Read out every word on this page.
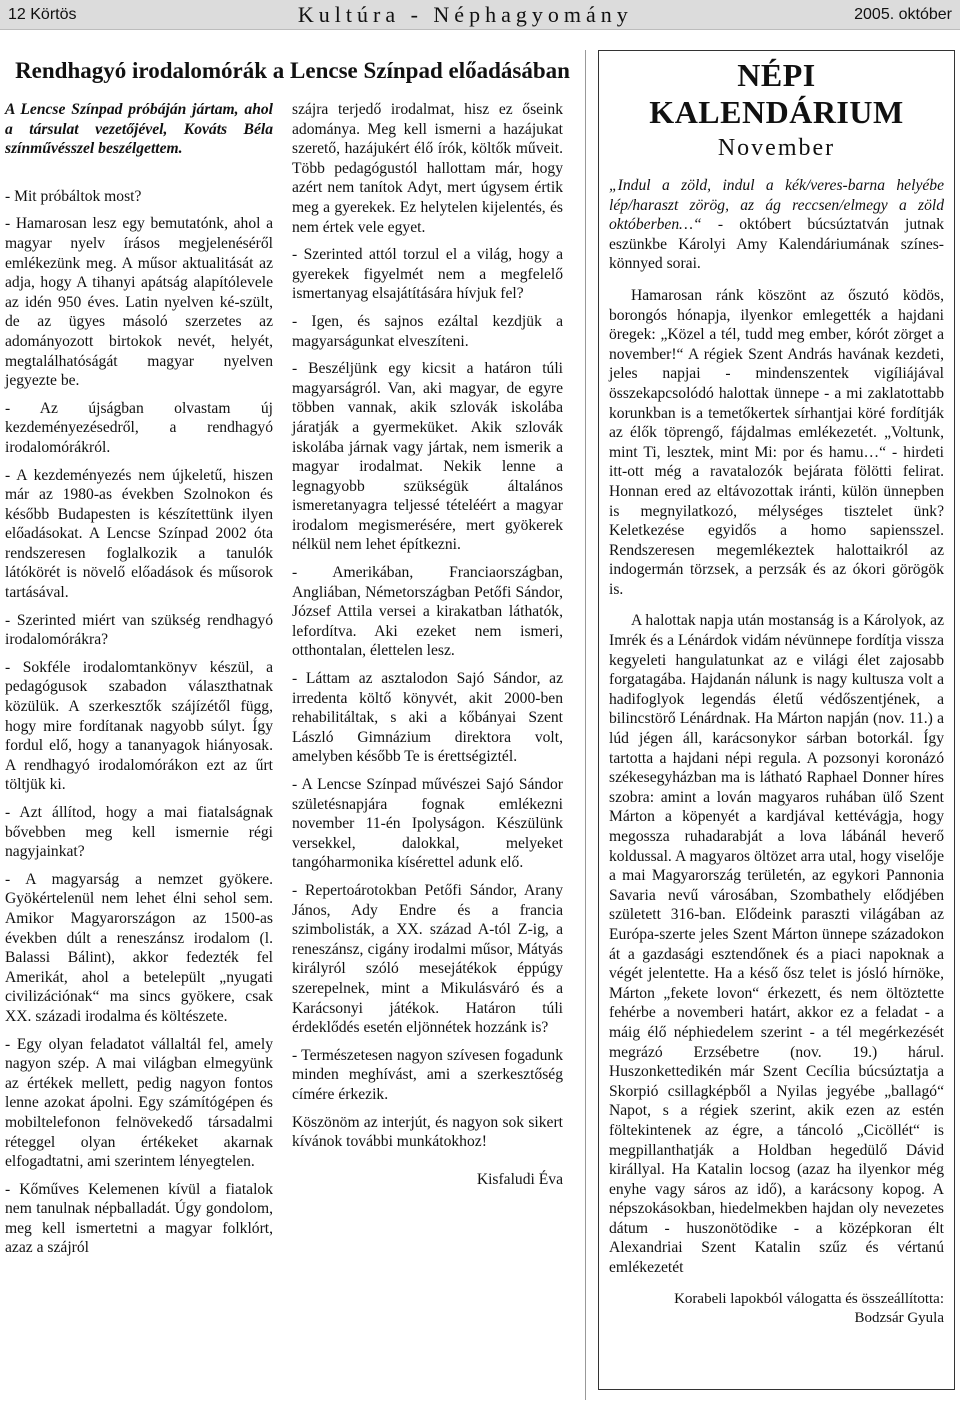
12 Körtös	Kultúra - Néphagyomány	2005. október
Rendhagyó irodalomórák a Lencse Színpad előadásában

A Lencse Színpad próbáján jártam, ahol a társulat vezetőjével, Kováts Béla színművésszel beszélgettem.

- Mit próbáltok most?

- Hamarosan lesz egy bemutatónk, ahol a magyar nyelv írásos megjelenéséről emlékezünk meg. A műsor aktualitását az adja, hogy A tihanyi apátság alapítólevele az idén 950 éves. Latin nyelven ké-szült, de az ügyes másoló szerzetes az adományozott birtokok nevét, helyét, megtalálhatóságát magyar nyelven jegyezte be.

- Az újságban olvastam új kezdeményezésedről, a rendhagyó irodalomórákról.

- A kezdeményezés nem újkeletű, hiszen már az 1980-as években Szolnokon és később Budapesten is készítettünk ilyen előadásokat. A Lencse Színpad 2002 óta rendszeresen foglalkozik a tanulók látókörét is növelő előadások és műsorok tartásával.

- Szerinted miért van szükség rendhagyó irodalomórákra?

- Sokféle irodalomtankönyv készül, a pedagógusok szabadon választhatnak közülük. A szerkesztők szájízétől függ, hogy mire fordítanak nagyobb súlyt. Így fordul elő, hogy a tananyagok hiányosak. A rendhagyó irodalomórákon ezt az űrt töltjük ki.

- Azt állítod, hogy a mai fiatalságnak bővebben meg kell ismernie régi nagyjainkat?

- A magyarság a nemzet gyökere. Gyökértelenül nem lehet élni sehol sem. Amikor Magyarországon az 1500-as években dúlt a reneszánsz irodalom (l. Balassi Bálint), akkor fedezték fel Amerikát, ahol a betelepült „nyugati civilizációnak“ ma sincs gyökere, csak XX. századi irodalma és költészete.

- Egy olyan feladatot vállaltál fel, amely nagyon szép. A mai világban elmegyünk az értékek mellett, pedig nagyon fontos lenne azokat ápolni. Egy számítógépen és mobiltelefonon felnövekedő társadalmi réteggel olyan értékeket akarnak elfogadtatni, ami szerintem lényegtelen.

- Kőműves Kelemenen kívül a fiatalok nem tanulnak népballadát. Úgy gondolom, meg kell ismertetni a magyar folklórt, azaz a szájról

szájra terjedő irodalmat, hisz ez őseink adománya. Meg kell ismerni a hazájukat szerető, hazájukért élő írók, költők műveit. Több pedagógustól hallottam már, hogy azért nem tanítok Adyt, mert úgysem értik meg a gyerekek. Ez helytelen kijelentés, és nem értek vele egyet.

- Szerinted attól torzul el a világ, hogy a gyerekek figyelmét nem a megfelelő ismertanyag elsajátítására hívjuk fel?

- Igen, és sajnos ezáltal kezdjük a magyarságunkat elveszíteni.

- Beszéljünk egy kicsit a határon túli magyarságról. Van, aki magyar, de egyre többen vannak, akik szlovák iskolába járatják a gyermeküket. Akik szlovák iskolába járnak vagy jártak, nem ismerik a magyar irodalmat. Nekik lenne a legnagyobb szükségük általános ismeretanyagra teljessé tételéért a magyar irodalom megismerésére, mert gyökerek nélkül nem lehet építkezni.

- Amerikában, Franciaországban, Angliában, Németországban Petőfi Sándor, József Attila versei a kirakatban láthatók, lefordítva. Aki ezeket nem ismeri, otthontalan, élettelen lesz.

- Láttam az asztalodon Sajó Sándor, az irredenta költő könyvét, akit 2000-ben rehabilitáltak, s aki a kőbányai Szent László Gimnázium direktora volt, amelyben később Te is érettségiztél.

- A Lencse Színpad művészei Sajó Sándor születésnapjára fognak emlékezni november 11-én Ipolyságon. Készülünk versekkel, dalokkal, melyeket tangóharmonika kísérettel adunk elő.

- Repertoárotokban Petőfi Sándor, Arany János, Ady Endre és a francia szimbolisták, a XX. század A-tól Z-ig, a reneszánsz, cigány irodalmi műsor, Mátyás királyról szóló mesejátékok éppúgy szerepelnek, mint a Mikulásváró és a Karácsonyi játékok. Határon túli érdeklődés esetén eljönnétek hozzánk is?

- Természetesen nagyon szívesen fogadunk minden meghívást, ami a szerkesztőség címére érkezik.

Köszönöm az interjút, és nagyon sok sikert kívánok további munkátokhoz!

Kisfaludi Éva

NÉPI KALENDÁRIUM
November

„Indul a zöld, indul a kék/veres-barna helyébe lép/haraszt zörög, az ág reccsen/elmegy a zöld októberben…“ - októbert búcsúztatván jutnak eszünkbe Károlyi Amy Kalendáriumának színes-könnyed sorai.

Hamarosan ránk köszönt az őszutó ködös, borongós hónapja, ilyenkor emlegették a hajdani öregek: „Közel a tél, tudd meg ember, kórót zörget a november!“ A régiek Szent András havának kezdeti, jeles napjai - mindenszentek vigíliájával összekapcsolódó halottak ünnepe - a mi zaklatottabb korunkban is a temetőkertek sírhantjai köré fordítják az élők töprengő, fájdalmas emlékezetét. „Voltunk, mint Ti, lesztek, mint Mi: por és hamu…“ - hirdeti itt-ott még a ravatalozók bejárata fölötti felirat. Honnan ered az eltávozottak iránti, külön ünnepben is megnyilatkozó, mélységes tisztelet ünk? Keletkezése egyidős a homo sapiensszel. Rendszeresen megemlékeztek halottaikról az indogermán törzsek, a perzsák és az ókori görögök is.

A halottak napja után mostanság is a Károlyok, az Imrék és a Lénárdok vidám névünnepe fordítja vissza kegyeleti hangulatunkat az e világi élet zajosabb forgatagába. Hajdanán nálunk is nagy kultusza volt a hadifoglyok legendás életű védőszentjének, a bilincstörő Lénárdnak. Ha Márton napján (nov. 11.) a lúd jégen áll, karácsonykor sárban botorkál. Így tartotta a hajdani népi regula. A pozsonyi koronázó székesegyházban ma is látható Raphael Donner híres szobra: amint a lován magyaros ruhában ülő Szent Márton a köpenyét a kardjával kettévágja, hogy megossza ruhadarabját a lova lábánál heverő koldussal. A magyaros öltözet arra utal, hogy viselője a mai Magyarország területén, az egykori Pannonia Savaria nevű városában, Szombathely elődjében született 316-ban. Elődeink paraszti világában az Európa-szerte jeles Szent Márton ünnepe századokon át a gazdasági esztendőnek és a piaci napoknak a végét jelentette. Ha a késő ősz telet is jósló hírnöke, Márton „fekete lovon“ érkezett, és nem öltöztette fehérbe a novemberi határt, akkor ez a feladat - a máig élő néphiedelem szerint - a tél megérkezését megrázó Erzsébetre (nov. 19.) hárul. Huszonkettedikén már Szent Cecília búcsúztatja a Skorpió csillagképből a Nyilas jegyébe „ballagó“ Napot, s a régiek szerint, akik ezen az estén föltekintenek az égre, a táncoló „Cicöllét“ is megpillanthatják a Holdban hegedülő Dávid királlyal. Ha Katalin locsog (azaz ha ilyenkor még enyhe vagy sáros az idő), a karácsony kopog. A népszokásokban, hiedelmekben hajdan oly nevezetes dátum - huszonötödike - a középkoran élt Alexandriai Szent Katalin szűz és vértanú emlékezetét

Korabeli lapokból válogatta és összeállította:
Bodzsár Gyula
